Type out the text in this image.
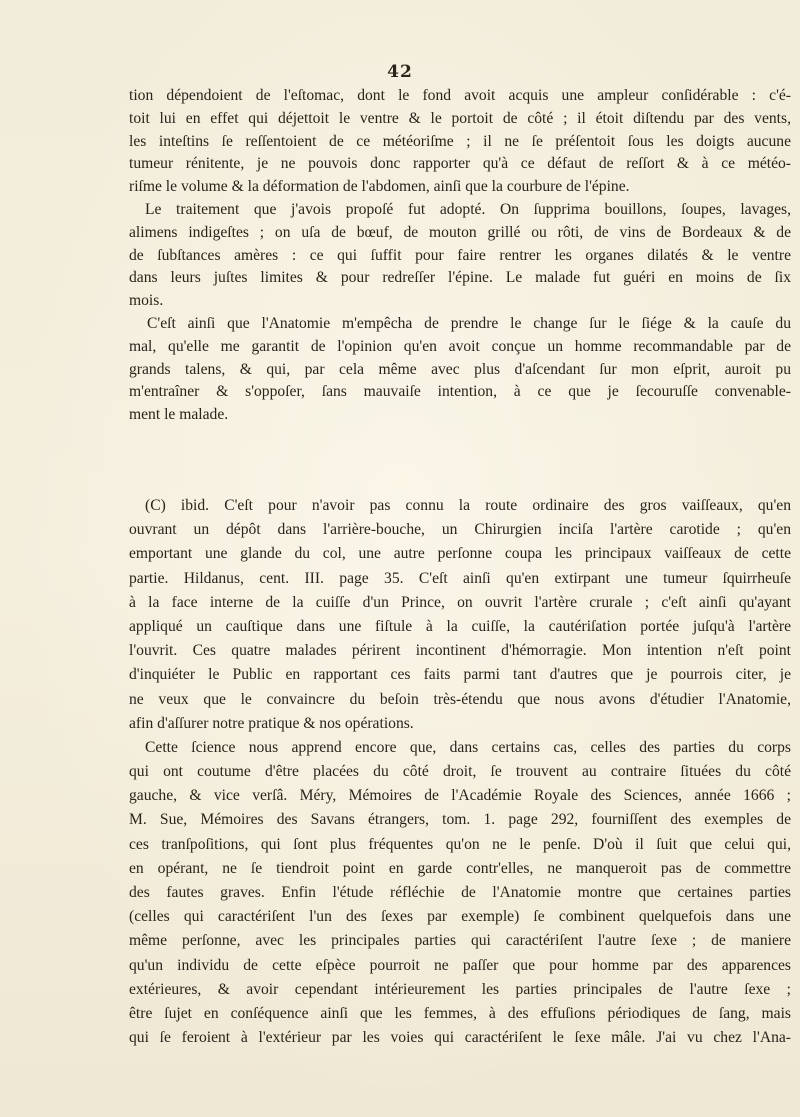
42
tion dépendoient de l'eſtomac, dont le fond avoit acquis une ampleur conſidérable : c'é-
toit lui en effet qui déjettoit le ventre & le portoit de côté ; il étoit diſtendu par des vents,
les inteſtins ſe reſſentoient de ce météoriſme ; il ne ſe préſentoit ſous les doigts aucune
tumeur rénitente, je ne pouvois donc rapporter qu'à ce défaut de reſſort & à ce météo-
riſme le volume & la déformation de l'abdomen, ainſi que la courbure de l'épine.
Le traitement que j'avois propoſé fut adopté. On ſupprima bouillons, ſoupes, lavages,
alimens indigeſtes ; on uſa de bœuf, de mouton grillé ou rôti, de vins de Bordeaux & de
de ſubſtances amères : ce qui ſuffit pour faire rentrer les organes dilatés & le ventre
dans leurs juſtes limites & pour redreſſer l'épine. Le malade fut guéri en moins de ſix
mois.
C'eſt ainſi que l'Anatomie m'empêcha de prendre le change ſur le ſiége & la cauſe du
mal, qu'elle me garantit de l'opinion qu'en avoit conçue un homme recommandable par de
grands talens, & qui, par cela même avec plus d'aſcendant ſur mon eſprit, auroit pu
m'entraîner & s'oppoſer, ſans mauvaiſe intention, à ce que je ſecouruſſe convenable-
ment le malade.
(C) ibid. C'eſt pour n'avoir pas connu la route ordinaire des gros vaiſſeaux, qu'en
ouvrant un dépôt dans l'arrière-bouche, un Chirurgien inciſa l'artère carotide ; qu'en
emportant une glande du col, une autre perſonne coupa les principaux vaiſſeaux de cette
partie. Hildanus, cent. III. page 35. C'eſt ainſi qu'en extirpant une tumeur ſquirrheuſe
à la face interne de la cuiſſe d'un Prince, on ouvrit l'artère crurale ; c'eſt ainſi qu'ayant
appliqué un cauſtique dans une fiſtule à la cuiſſe, la cautériſation portée juſqu'à l'artère
l'ouvrit. Ces quatre malades périrent incontinent d'hémorragie. Mon intention n'eſt point
d'inquiéter le Public en rapportant ces faits parmi tant d'autres que je pourrois citer, je
ne veux que le convaincre du beſoin très-étendu que nous avons d'étudier l'Anatomie,
afin d'aſſurer notre pratique & nos opérations.
Cette ſcience nous apprend encore que, dans certains cas, celles des parties du corps
qui ont coutume d'être placées du côté droit, ſe trouvent au contraire ſituées du côté
gauche, & vice verſâ. Méry, Mémoires de l'Académie Royale des Sciences, année 1666 ;
M. Sue, Mémoires des Savans étrangers, tom. 1. page 292, fourniſſent des exemples de
ces tranſpoſitions, qui ſont plus fréquentes qu'on ne le penſe. D'où il ſuit que celui qui,
en opérant, ne ſe tiendroit point en garde contr'elles, ne manqueroit pas de commettre
des fautes graves. Enfin l'étude réfléchie de l'Anatomie montre que certaines parties
(celles qui caractériſent l'un des ſexes par exemple) ſe combinent quelquefois dans une
même perſonne, avec les principales parties qui caractériſent l'autre ſexe ; de maniere
qu'un individu de cette eſpèce pourroit ne paſſer que pour homme par des apparences
extérieures, & avoir cependant intérieurement les parties principales de l'autre ſexe ;
être ſujet en conſéquence ainſi que les femmes, à des effuſions périodiques de ſang, mais
qui ſe feroient à l'extérieur par les voies qui caractériſent le ſexe mâle. J'ai vu chez l'Ana-
